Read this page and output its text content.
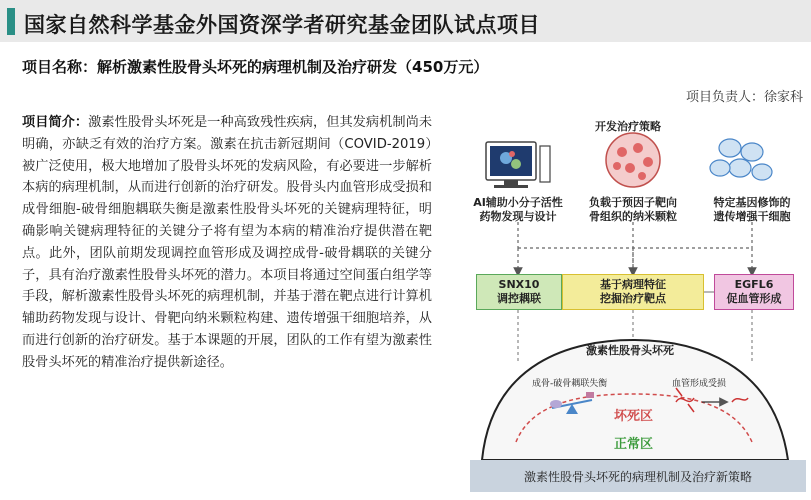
国家自然科学基金外国资深学者研究基金团队试点项目
项目名称：解析激素性股骨头坏死的病理机制及治疗研发（450万元）
项目负责人：徐家科
项目简介：激素性股骨头坏死是一种高致残性疾病，但其发病机制尚未明确，亦缺乏有效的治疗方案。激素在抗击新冠期间（COVID-2019）被广泛使用，极大地增加了股骨头坏死的发病风险，有必要进一步解析本病的病理机制，从而进行创新的治疗研发。股骨头内血管形成受损和成骨细胞-破骨细胞耦联失衡是激素性股骨头坏死的关键病理特征，明确影响关键病理特征的关键分子将有望为本病的精准治疗提供潜在靶点。此外，团队前期发现调控血管形成及调控成骨-破骨耦联的关键分子，具有治疗激素性股骨头坏死的潜力。本项目将通过空间蛋白组学等手段，解析激素性股骨头坏死的病理机制，并基于潜在靶点进行计算机辅助药物发现与设计、骨靶向纳米颗粒构建、遗传增强干细胞培养，从而进行创新的治疗研发。基于本课题的开展，团队的工作有望为激素性股骨头坏死的精准治疗提供新途径。
开发治疗策略
AI辅助小分子活性
药物发现与设计
负载于预因子靶向
骨组织的纳米颗粒
特定基因修饰的
遗传增强干细胞
SNX10
调控耦联
基于病理特征
挖掘治疗靶点
EGFL6
促血管形成
激素性股骨头坏死
成骨-破骨耦联失衡	血管形成受损
坏死区
正常区
激素性股骨头坏死的病理机制及治疗新策略
